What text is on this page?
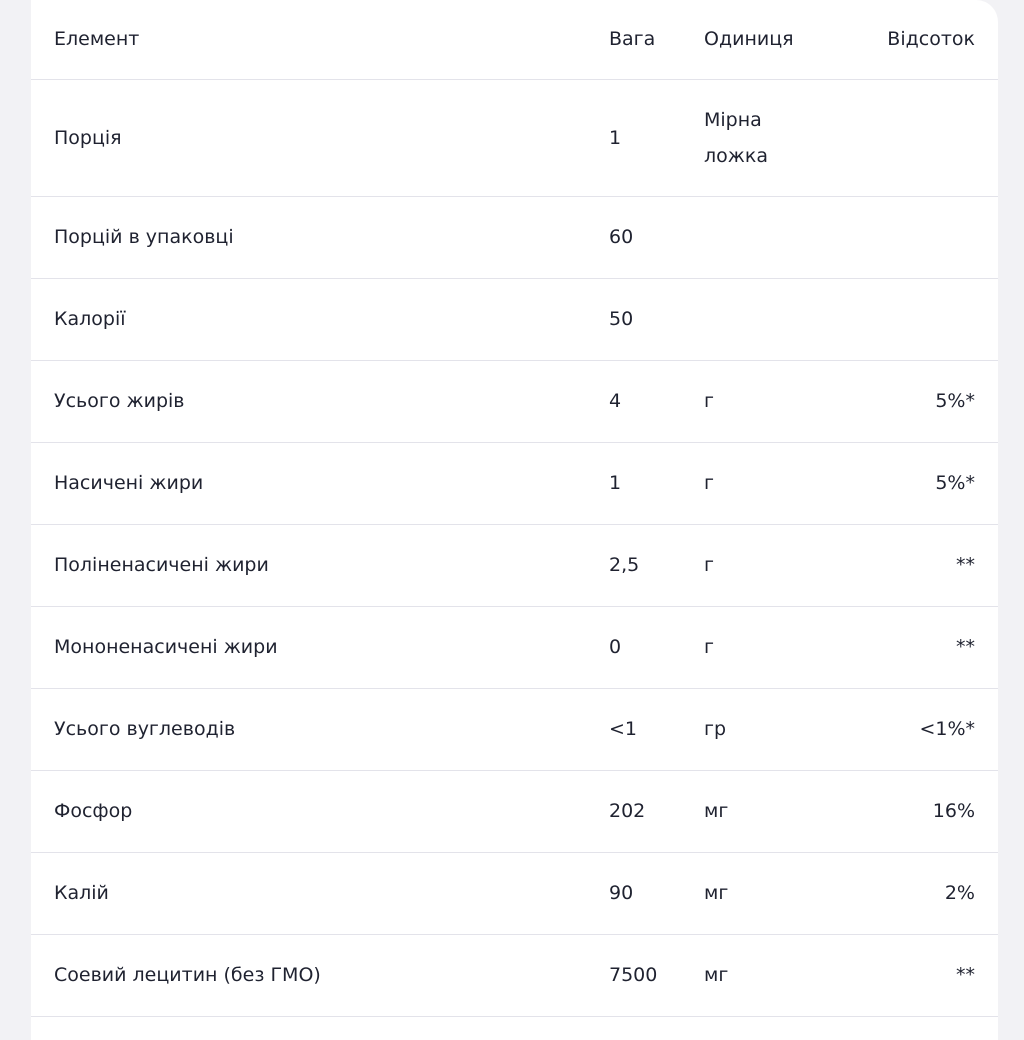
Елемент	Вага	Одиниця	Відсоток
Порція	1	Мірна ложка	
Порцій в упаковці	60		
Калорії	50		
Усього жирів	4	г	5%*
Насичені жири	1	г	5%*
Поліненасичені жири	2,5	г	**
Мононенасичені жири	0	г	**
Усього вуглеводів	<1	гр	<1%*
Фосфор	202	мг	16%
Калій	90	мг	2%
Соевий лецитин (без ГМО)	7500	мг	**
